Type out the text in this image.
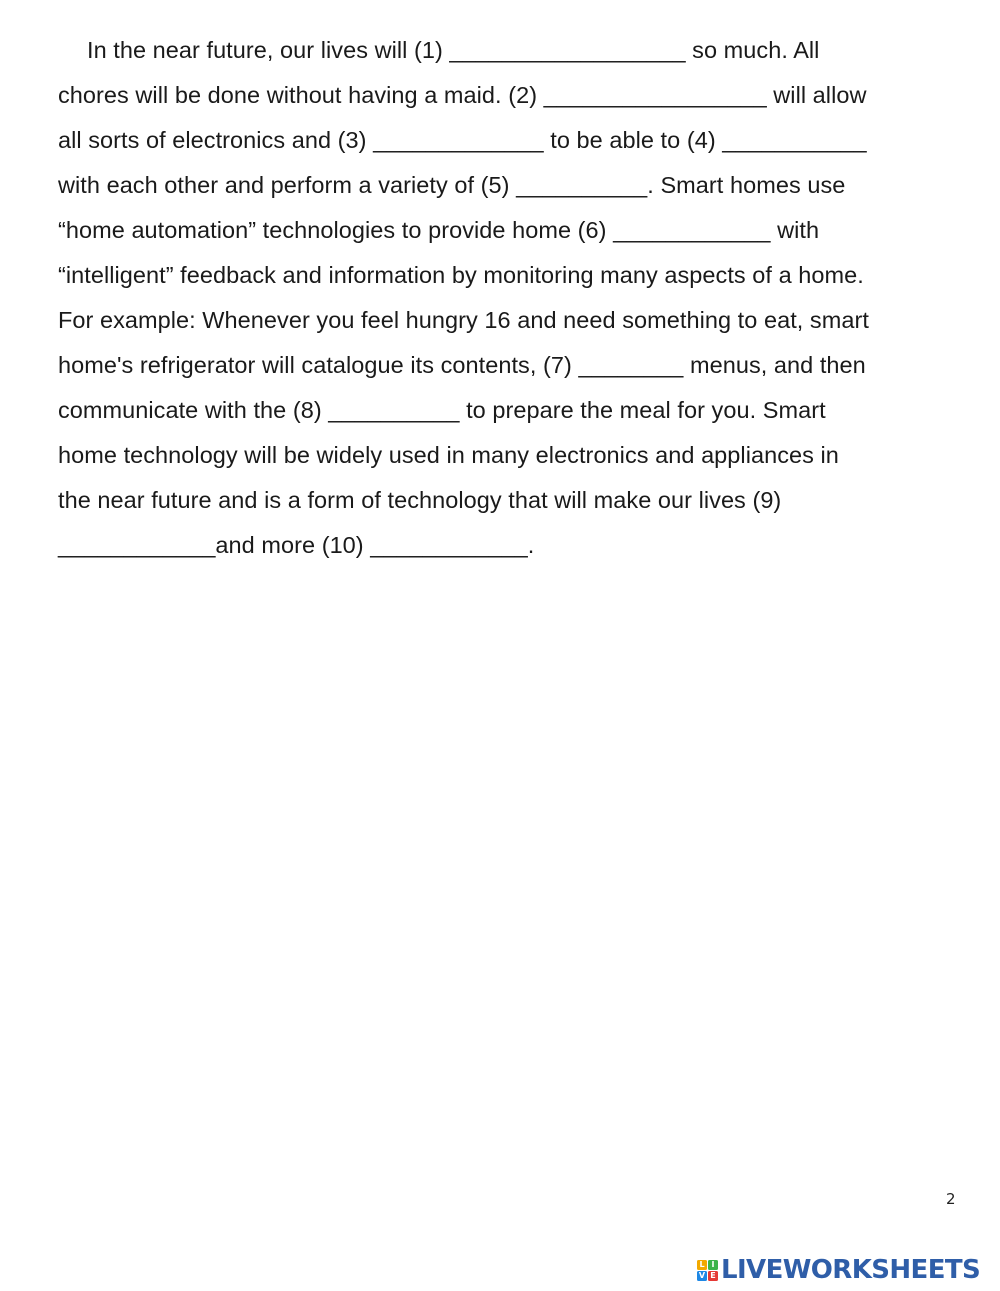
In the near future, our lives will (1) __________________ so much. All
chores will be done without having a maid. (2) _________________ will allow
all sorts of electronics and (3) _____________ to be able to (4) ___________
with each other and perform a variety of (5) __________. Smart homes use
“home automation” technologies to provide home (6) ____________ with
“intelligent” feedback and information by monitoring many aspects of a home.
For example: Whenever you feel hungry 16 and need something to eat, smart
home's refrigerator will catalogue its contents, (7) ________ menus, and then
communicate with the (8) __________ to prepare the meal for you. Smart
home technology will be widely used in many electronics and appliances in
the near future and is a form of technology that will make our lives (9)
____________and more (10) ____________.
2
L I
V E LIVEWORKSHEETS
